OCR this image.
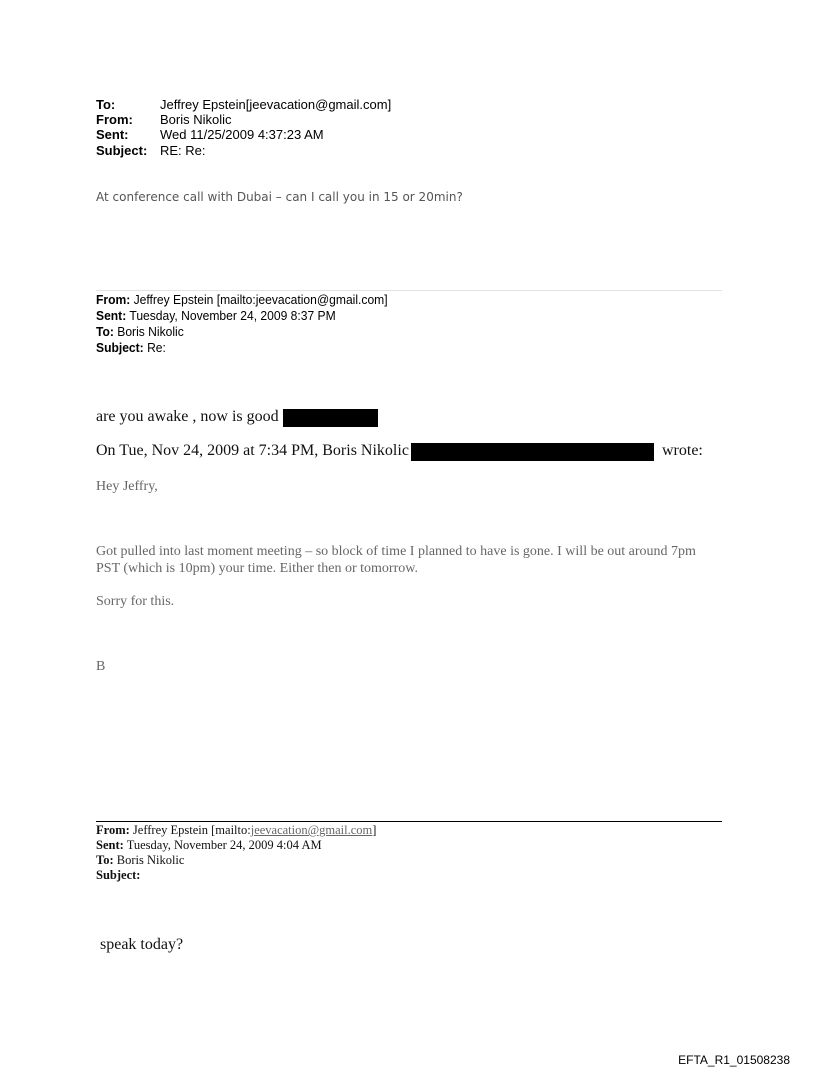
To:	Jeffrey Epstein[jeevacation@gmail.com]
From: Boris Nikolic
Sent: Wed 11/25/2009 4:37:23 AM
Subject: RE: Re:
At conference call with Dubai – can I call you in 15 or 20min?
From: Jeffrey Epstein [mailto:jeevacation@gmail.com]
Sent: Tuesday, November 24, 2009 8:37 PM
To: Boris Nikolic
Subject: Re:
are you awake , now is good
On Tue, Nov 24, 2009 at 7:34 PM, Boris Nikolic	wrote:
Hey Jeffry,
Got pulled into last moment meeting – so block of time I planned to have is gone. I will be out around 7pm
PST (which is 10pm) your time. Either then or tomorrow.
Sorry for this.
B
From: Jeffrey Epstein [mailto:jeevacation@gmail.com]
Sent: Tuesday, November 24, 2009 4:04 AM
To: Boris Nikolic
Subject:
speak today?
EFTA_R1_01508238
